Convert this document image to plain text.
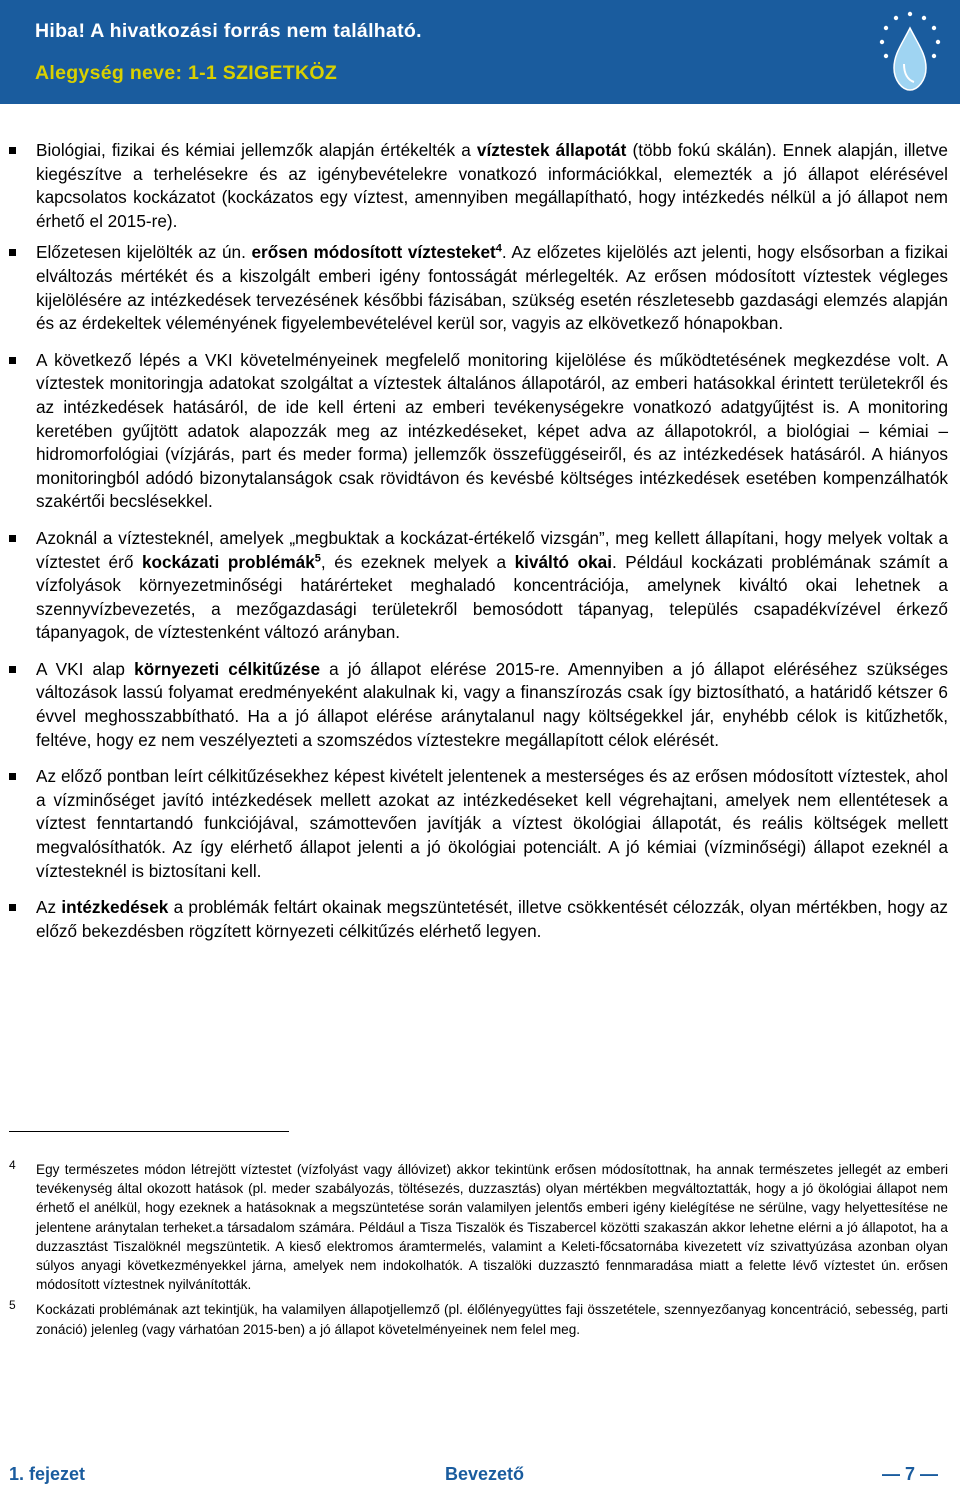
Hiba! A hivatkozási forrás nem található.
Alegység neve: 1-1 SZIGETKÖZ
Biológiai, fizikai és kémiai jellemzők alapján értékelték a víztestek állapotát (több fokú skálán). Ennek alapján, illetve kiegészítve a terhelésekre és az igénybevételekre vonatkozó információkkal, elemezték a jó állapot elérésével kapcsolatos kockázatot (kockázatos egy víztest, amennyiben megállapítható, hogy intézkedés nélkül a jó állapot nem érhető el 2015-re).
Előzetesen kijelölték az ún. erősen módosított víztesteket$^4$. Az előzetes kijelölés azt jelenti, hogy elsősorban a fizikai elváltozás mértékét és a kiszolgált emberi igény fontosságát mérlegelték. Az erősen módosított víztestek végleges kijelölésére az intézkedések tervezésének későbbi fázisában, szükség esetén részletesebb gazdasági elemzés alapján és az érdekeltek véleményének figyelembevételével kerül sor, vagyis az elkövetkező hónapokban.
A következő lépés a VKI követelményeinek megfelelő monitoring kijelölése és működtetésének megkezdése volt. A víztestek monitoringja adatokat szolgáltat a víztestek általános állapotáról, az emberi hatásokkal érintett területekről és az intézkedések hatásáról, de ide kell érteni az emberi tevékenységekre vonatkozó adatgyűjtést is. A monitoring keretében gyűjtött adatok alapozzák meg az intézkedéseket, képet adva az állapotokról, a biológiai – kémiai – hidromorfológiai (vízjárás, part és meder forma) jellemzők összefüggéseiről, és az intézkedések hatásáról. A hiányos monitoringból adódó bizonytalanságok csak rövidtávon és kevésbé költséges intézkedések esetében kompenzálhatók szakértői becslésekkel.
Azoknál a víztesteknél, amelyek „megbuktak a kockázat-értékelő vizsgán”, meg kellett állapítani, hogy melyek voltak a víztestet érő kockázati problémák$^5$, és ezeknek melyek a kiváltó okai. Például kockázati problémának számít a vízfolyások környezetminőségi határérteket meghaladó koncentrációja, amelynek kiváltó okai lehetnek a szennyvízbevezetés, a mezőgazdasági területekről bemosódott tápanyag, település csapadékvízével érkező tápanyagok, de víztestenként változó arányban.
A VKI alap környezeti célkitűzése a jó állapot elérése 2015-re. Amennyiben a jó állapot eléréséhez szükséges változások lassú folyamat eredményeként alakulnak ki, vagy a finanszírozás csak így biztosítható, a határidő kétszer 6 évvel meghosszabbítható. Ha a jó állapot elérése aránytalanul nagy költségekkel jár, enyhébb célok is kitűzhetők, feltéve, hogy ez nem veszélyezteti a szomszédos víztestekre megállapított célok elérését.
Az előző pontban leírt célkitűzésekhez képest kivételt jelentenek a mesterséges és az erősen módosított víztestek, ahol a vízminőséget javító intézkedések mellett azokat az intézkedéseket kell végrehajtani, amelyek nem ellentétesek a víztest fenntartandó funkciójával, számottevően javítják a víztest ökológiai állapotát, és reális költségek mellett megvalósíthatók. Az így elérhető állapot jelenti a jó ökológiai potenciált. A jó kémiai (vízminőségi) állapot ezeknél a víztesteknél is biztosítani kell.
Az intézkedések a problémák feltárt okainak megszüntetését, illetve csökkentését célozzák, olyan mértékben, hogy az előző bekezdésben rögzített környezeti célkitűzés elérhető legyen.
4 Egy természetes módon létrejött víztestet (vízfolyást vagy állóvizet) akkor tekintünk erősen módosítottnak, ha annak természetes jellegét az emberi tevékenység által okozott hatások (pl. meder szabályozás, töltésezés, duzzasztás) olyan mértékben megváltoztatták, hogy a jó ökológiai állapot nem érhető el anélkül, hogy ezeknek a hatásoknak a megszüntetése során valamilyen jelentős emberi igény kielégítése ne sérülne, vagy helyettesítése ne jelentene aránytalan terheket.a társadalom számára. Például a Tisza Tiszalök és Tiszabercel közötti szakaszán akkor lehetne elérni a jó állapotot, ha a duzzasztást Tiszalöknél megszüntetik. A kieső elektromos áramtermelés, valamint a Keleti-főcsatornába kivezetett víz szivattyúzása azonban olyan súlyos anyagi következményekkel járna, amelyek nem indokolhatók. A tiszalöki duzzasztó fennmaradása miatt a felette lévő víztestet ún. erősen módosított víztestnek nyilvánították.
5 Kockázati problémának azt tekintjük, ha valamilyen állapotjellemző (pl. élőlényegyüttes faji összetétele, szennyezőanyag koncentráció, sebesség, parti zonáció) jelenleg (vagy várhatóan 2015-ben) a jó állapot követelményeinek nem felel meg.
1. fejezet	Bevezető	— 7 —
